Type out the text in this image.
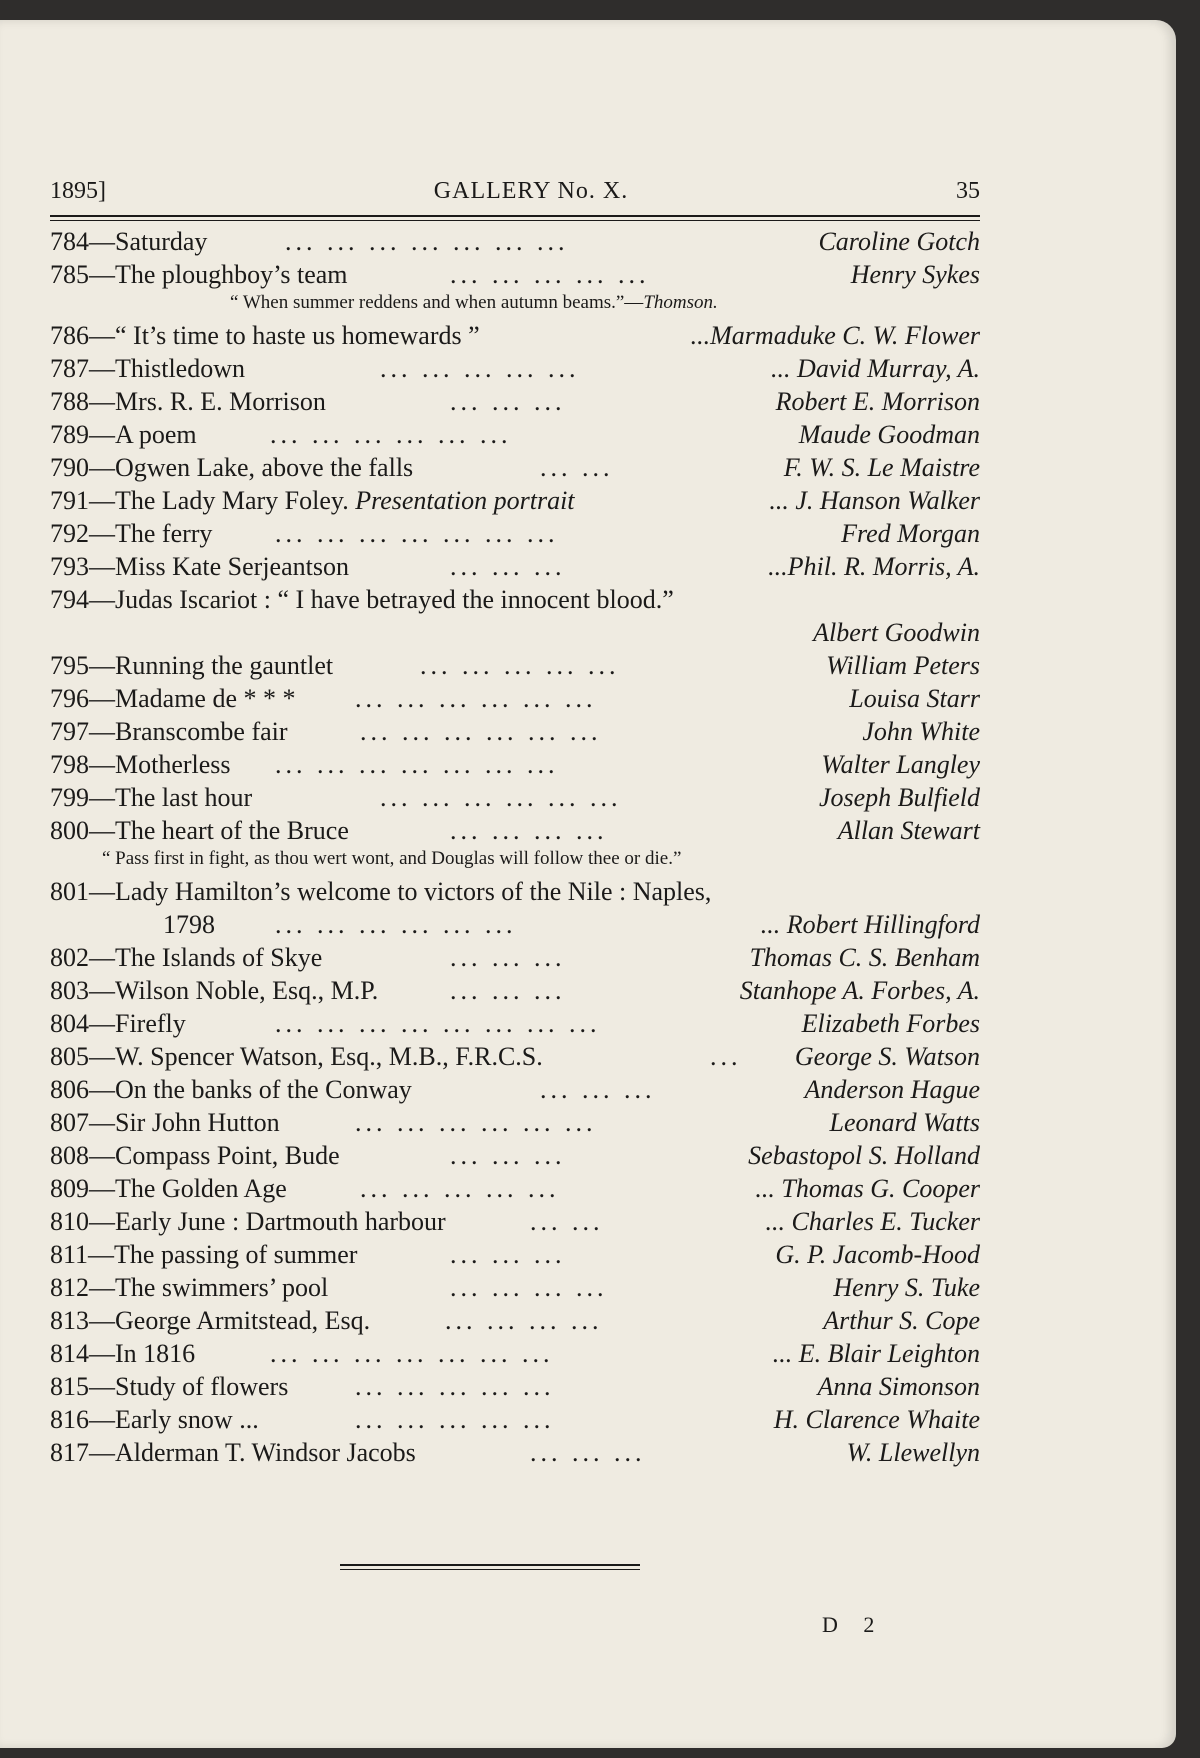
1895]	GALLERY No. X.	35
784—Saturday	... ... ... ... ... ... ...	Caroline Gotch
785—The ploughboy’s team	... ... ... ... ...	Henry Sykes
“ When summer reddens and when autumn beams.”—Thomson.
786—“ It’s time to haste us homewards ”	...Marmaduke C. W. Flower
787—Thistledown	... ... ... ... ...	... David Murray, A.
788—Mrs. R. E. Morrison	... ... ...	Robert E. Morrison
789—A poem	... ... ... ... ... ...	Maude Goodman
790—Ogwen Lake, above the falls	... ...	F. W. S. Le Maistre
791—The Lady Mary Foley. Presentation portrait	... J. Hanson Walker
792—The ferry ... ... ... ... ... ... ...	Fred Morgan
793—Miss Kate Serjeantson	... ... ...	...Phil. R. Morris, A.
794—Judas Iscariot : “ I have betrayed the innocent blood.”
Albert Goodwin
795—Running the gauntlet	... ... ... ... ...	William Peters
796—Madame de * * * ... ... ... ... ... ...	Louisa Starr
797—Branscombe fair	... ... ... ... ... ...	John White
798—Motherless ... ... ... ... ... ... ...	Walter Langley
799—The last hour	... ... ... ... ... ...	Joseph Bulfield
800—The heart of the Bruce	... ... ... ...	Allan Stewart
“ Pass first in fight, as thou wert wont, and Douglas will follow thee or die.”
801—Lady Hamilton’s welcome to victors of the Nile : Naples,
1798 ... ... ... ... ... ...	... Robert Hillingford
802—The Islands of Skye	... ... ...	Thomas C. S. Benham
803—Wilson Noble, Esq., M.P.	... ... ...	Stanhope A. Forbes, A.
804—Firefly	... ... ... ... ... ... ... ...	Elizabeth Forbes
805—W. Spencer Watson, Esq., M.B., F.R.C.S.	... George S. Watson
806—On the banks of the Conway	... ... ...	Anderson Hague
807—Sir John Hutton	... ... ... ... ... ...	Leonard Watts
808—Compass Point, Bude	... ... ...	Sebastopol S. Holland
809—The Golden Age	... ... ... ... ...	... Thomas G. Cooper
810—Early June : Dartmouth harbour	... ...	... Charles E. Tucker
811—The passing of summer	... ... ...	G. P. Jacomb-Hood
812—The swimmers’ pool	... ... ... ...	Henry S. Tuke
813—George Armitstead, Esq.	... ... ... ...	Arthur S. Cope
814—In 1816	... ... ... ... ... ... ...	... E. Blair Leighton
815—Study of flowers	... ... ... ... ...	Anna Simonson
816—Early snow ...	... ... ... ... ...	H. Clarence Whaite
817—Alderman T. Windsor Jacobs	... ... ...	W. Llewellyn
D 2
